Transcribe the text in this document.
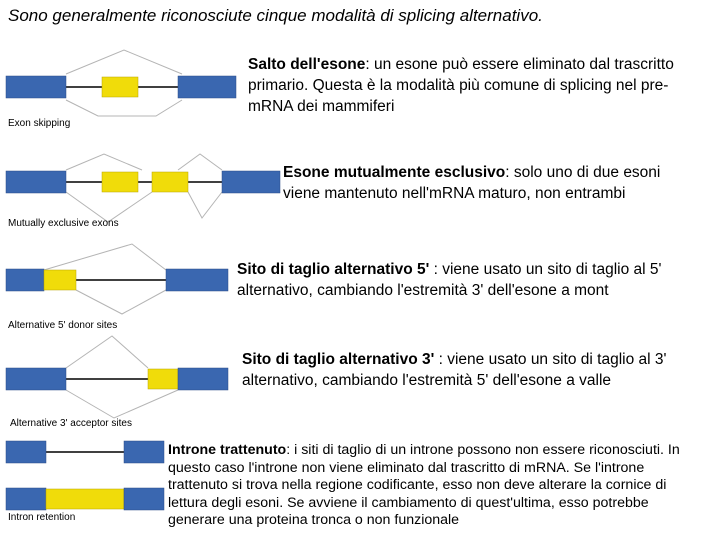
Sono generalmente riconosciute cinque modalità di splicing alternativo.
Exon skipping
Salto dell'esone: un esone può essere eliminato dal trascritto primario. Questa è la modalità più comune di splicing nel pre-mRNA dei mammiferi
Mutually exclusive exons
Esone mutualmente esclusivo: solo uno di due esoni viene mantenuto nell'mRNA maturo, non entrambi
Alternative 5' donor sites
Sito di taglio alternativo 5' : viene usato un sito di taglio al 5' alternativo, cambiando l'estremità 3' dell'esone a mont
Alternative 3' acceptor sites
Sito di taglio alternativo 3' : viene usato un sito di taglio al 3' alternativo, cambiando l'estremità 5' dell'esone a valle
Intron retention
Introne trattenuto: i siti di taglio di un introne possono non essere riconosciuti. In questo caso l'introne non viene eliminato dal trascritto di mRNA. Se l'introne trattenuto si trova nella regione codificante, esso non deve alterare la cornice di lettura degli esoni. Se avviene il cambiamento di quest'ultima, esso potrebbe generare una proteina tronca o non funzionale
